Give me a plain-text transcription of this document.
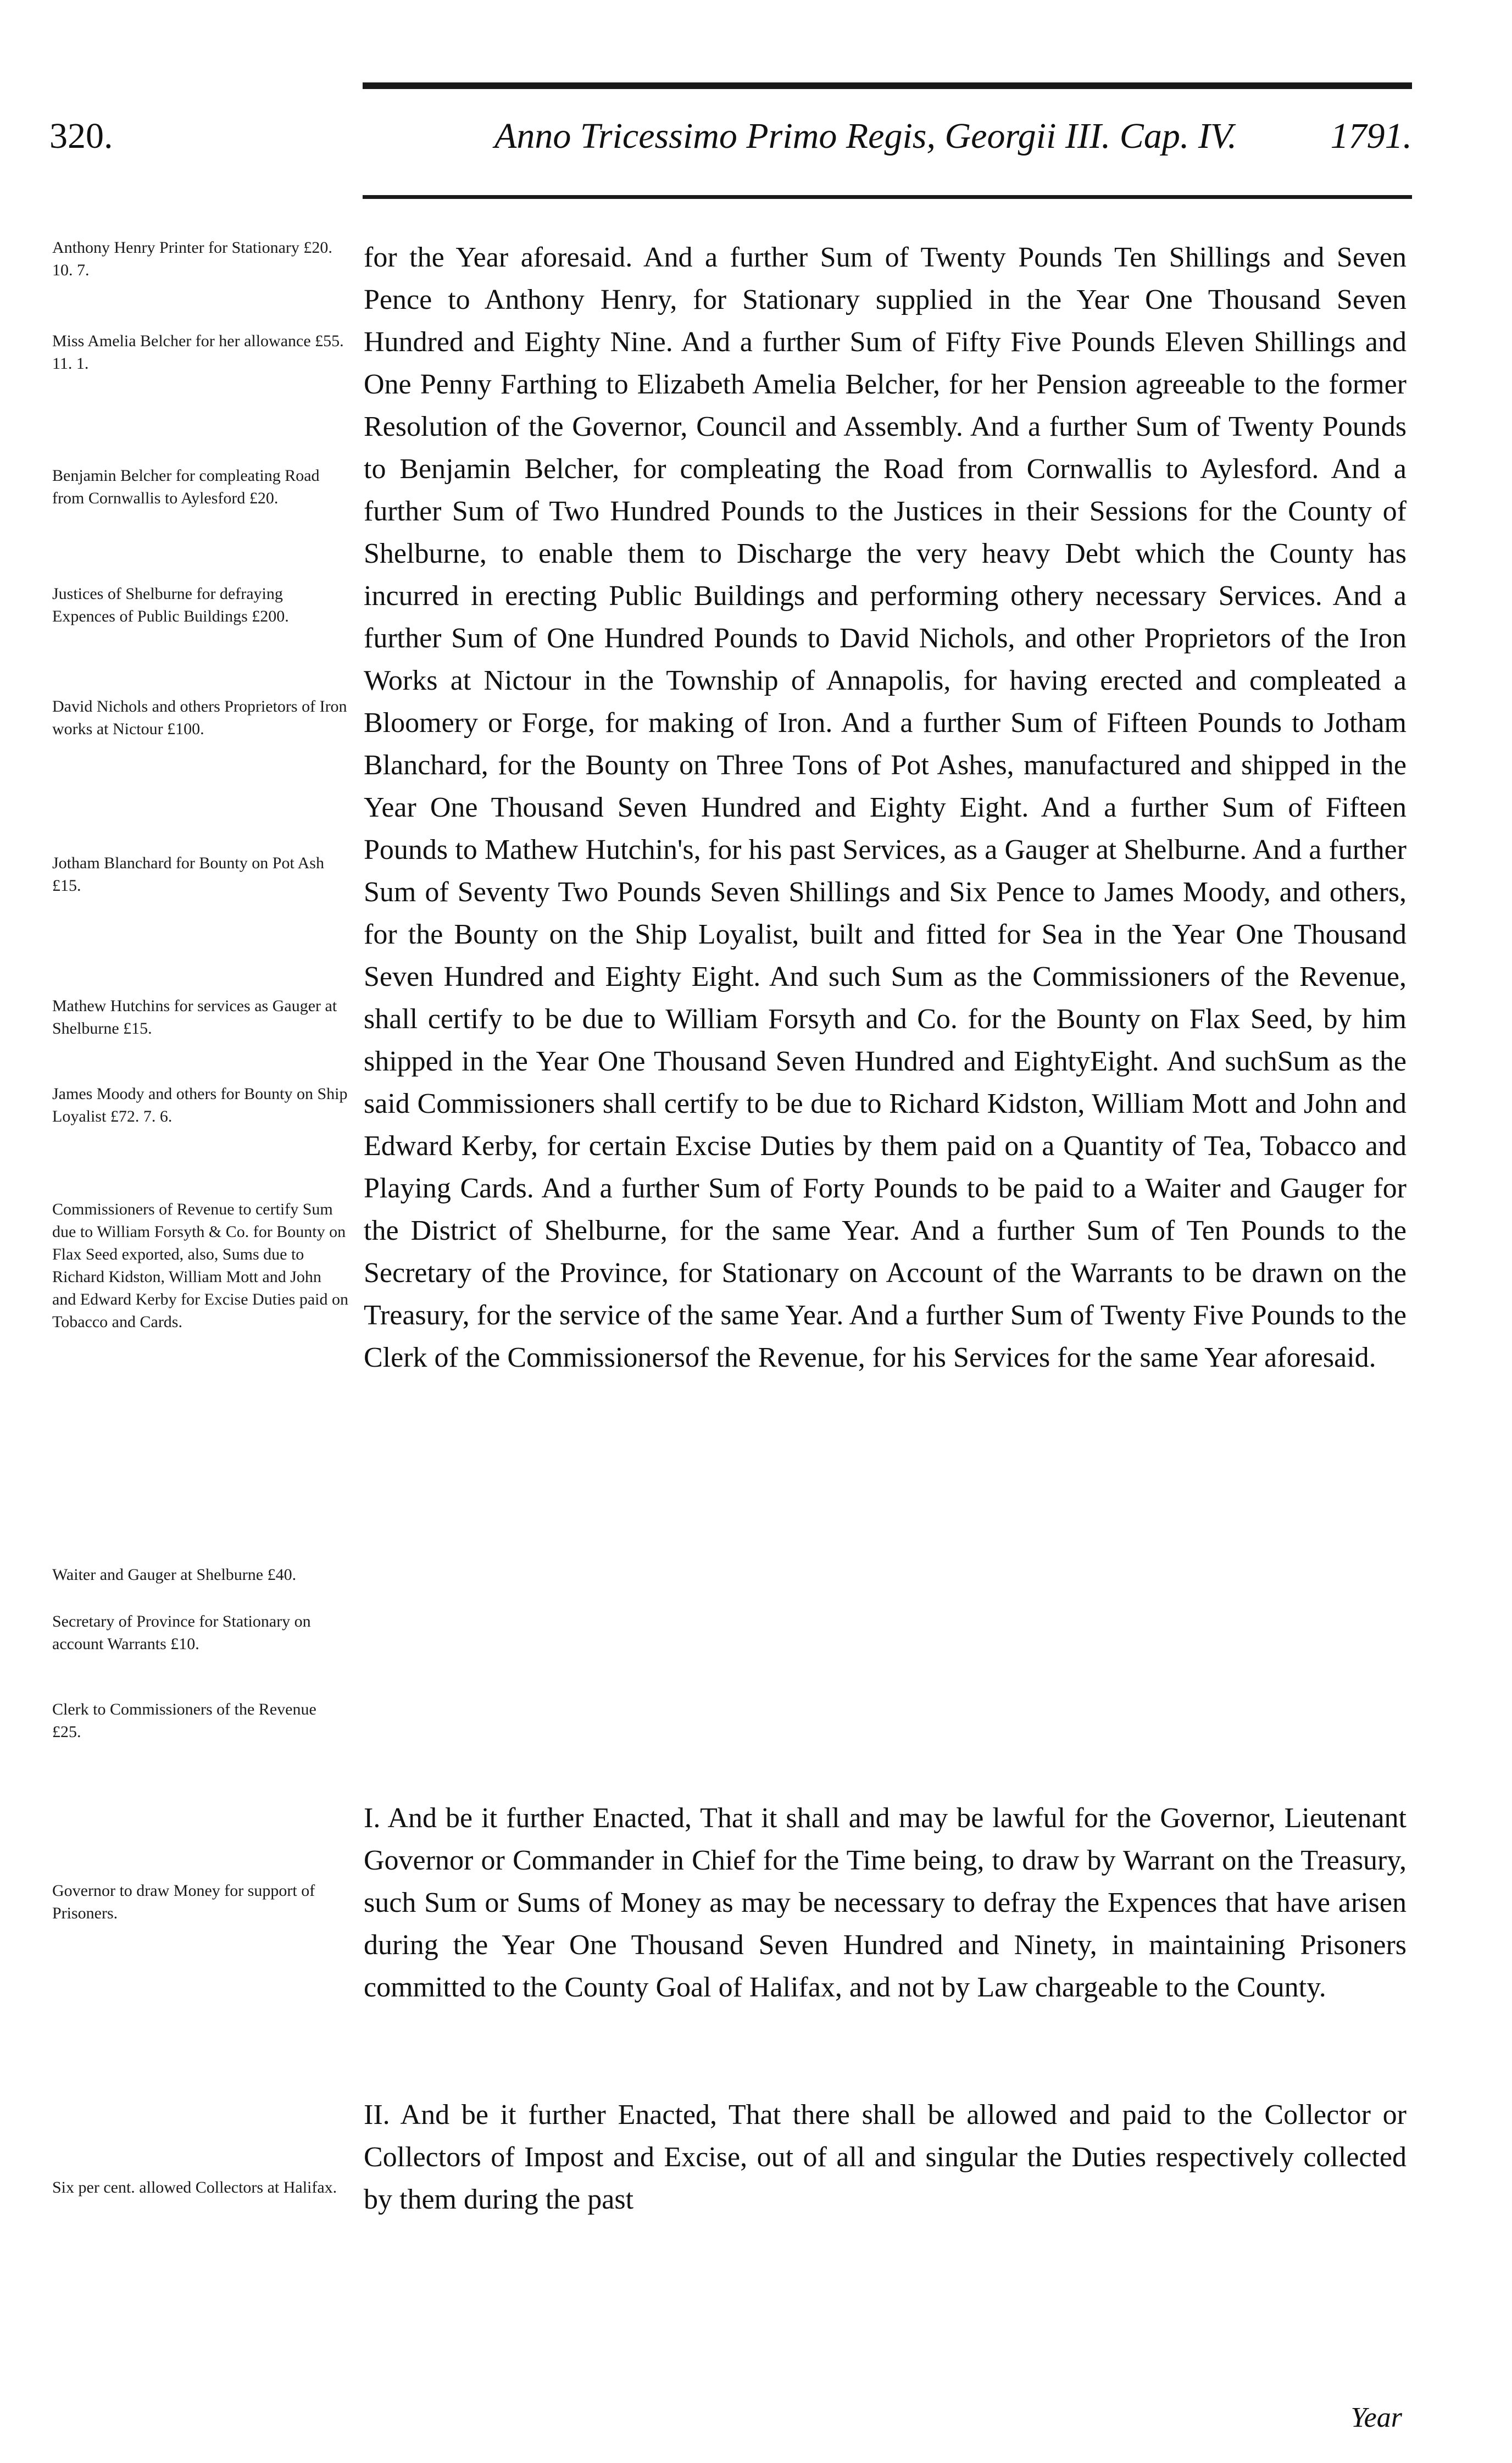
320.	Anno Tricessimo Primo Regis, Georgii III. Cap. IV.	1791.
Anthony Henry Printer for Stationary £20. 10. 7.
Miss Amelia Belcher for her allowance £55. 11. 1.
Benjamin Belcher for compleating Road from Cornwallis to Aylesford £20.
Justices of Shelburne for defraying Expences of Public Buildings £200.
David Nichols and others Proprietors of Iron works at Nictour £100.
Jotham Blanchard for Bounty on Pot Ash £15.
Mathew Hutchins for services as Gauger at Shelburne £15.
James Moody and others for Bounty on Ship Loyalist £72. 7. 6.
Commissioners of Revenue to certify Sum due to William Forsyth & Co. for Bounty on Flax Seed exported, also, Sums due to Richard Kidston, William Mott and John and Edward Kerby for Excise Duties paid on Tobacco and Cards.
Waiter and Gauger at Shelburne £40.
Secretary of Province for Stationary on account Warrants £10.
Clerk to Commissioners of the Revenue £25.
Governor to draw Money for support of Prisoners.
Six per cent. allowed Collectors at Halifax.
for the Year aforesaid. And a further Sum of Twenty Pounds Ten Shillings and Seven Pence to Anthony Henry, for Stationary supplied in the Year One Thousand Seven Hundred and Eighty Nine. And a further Sum of Fifty Five Pounds Eleven Shillings and One Penny Farthing to Elizabeth Amelia Belcher, for her Pension agreeable to the former Resolution of the Governor, Council and Assembly. And a further Sum of Twenty Pounds to Benjamin Belcher, for compleating the Road from Cornwallis to Aylesford. And a further Sum of Two Hundred Pounds to the Justices in their Sessions for the County of Shelburne, to enable them to Discharge the very heavy Debt which the County has incurred in erecting Public Buildings and performing othery necessary Services. And a further Sum of One Hundred Pounds to David Nichols, and other Proprietors of the Iron Works at Nictour in the Township of Annapolis, for having erected and compleated a Bloomery or Forge, for making of Iron. And a further Sum of Fifteen Pounds to Jotham Blanchard, for the Bounty on Three Tons of Pot Ashes, manufactured and shipped in the Year One Thousand Seven Hundred and Eighty Eight. And a further Sum of Fifteen Pounds to Mathew Hutchin's, for his past Services, as a Gauger at Shelburne. And a further Sum of Seventy Two Pounds Seven Shillings and Six Pence to James Moody, and others, for the Bounty on the Ship Loyalist, built and fitted for Sea in the Year One Thousand Seven Hundred and Eighty Eight. And such Sum as the Commissioners of the Revenue, shall certify to be due to William Forsyth and Co. for the Bounty on Flax Seed, by him shipped in the Year One Thousand Seven Hundred and EightyEight. And suchSum as the said Commissioners shall certify to be due to Richard Kidston, William Mott and John and Edward Kerby, for certain Excise Duties by them paid on a Quantity of Tea, Tobacco and Playing Cards. And a further Sum of Forty Pounds to be paid to a Waiter and Gauger for the District of Shelburne, for the same Year. And a further Sum of Ten Pounds to the Secretary of the Province, for Stationary on Account of the Warrants to be drawn on the Treasury, for the service of the same Year. And a further Sum of Twenty Five Pounds to the Clerk of the Commissionersof the Revenue, for his Services for the same Year aforesaid.
I. And be it further Enacted, That it shall and may be lawful for the Governor, Lieutenant Governor or Commander in Chief for the Time being, to draw by Warrant on the Treasury, such Sum or Sums of Money as may be necessary to defray the Expences that have arisen during the Year One Thousand Seven Hundred and Ninety, in maintaining Prisoners committed to the County Goal of Halifax, and not by Law chargeable to the County.
II. And be it further Enacted, That there shall be allowed and paid to the Collector or Collectors of Impost and Excise, out of all and singular the Duties respectively collected by them during the past
Year
